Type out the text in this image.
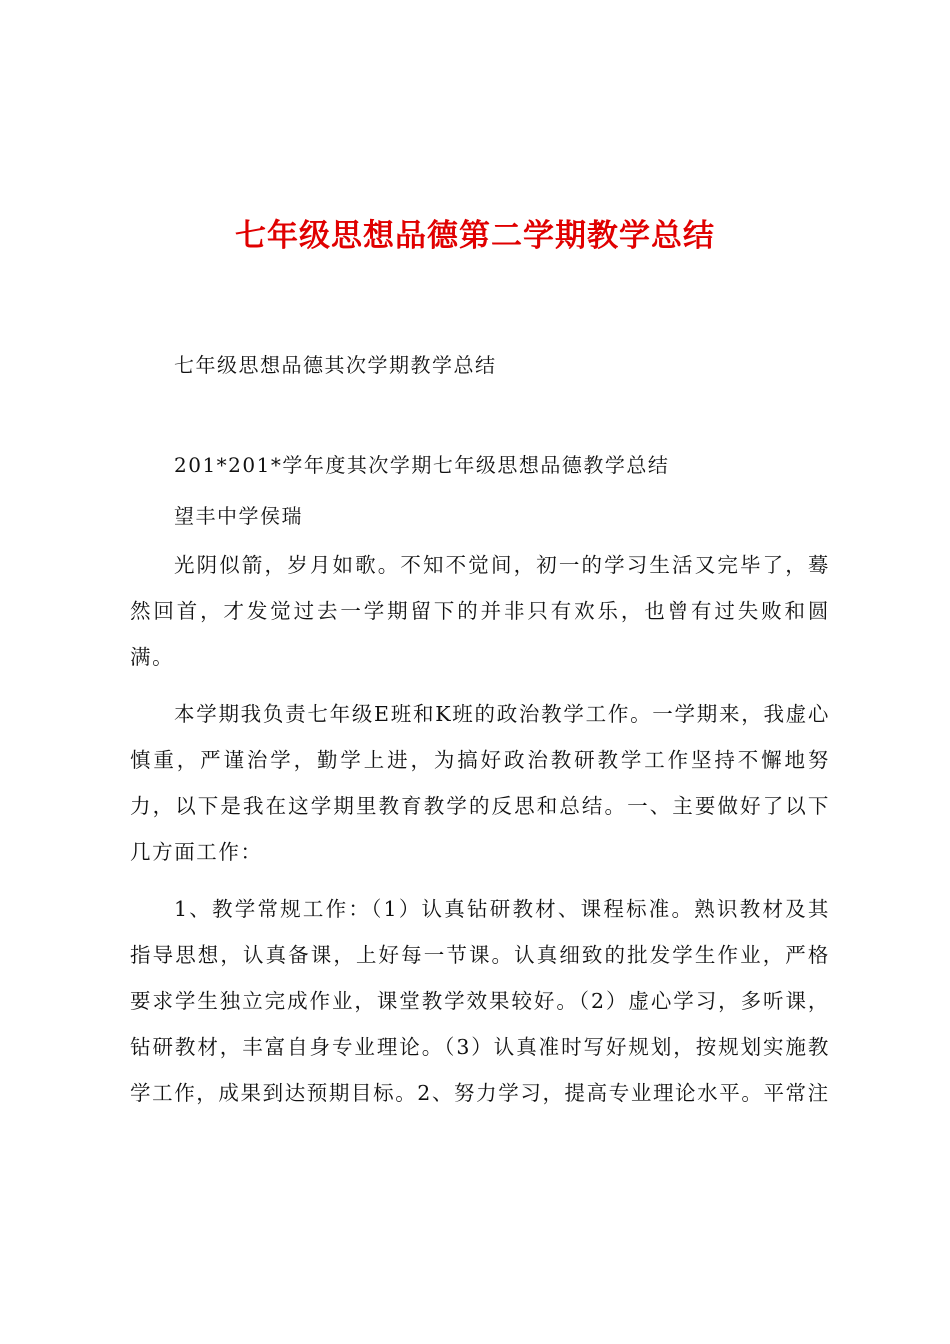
七年级思想品德第二学期教学总结

七年级思想品德其次学期教学总结

201*201*学年度其次学期七年级思想品德教学总结

望丰中学侯瑞

光阴似箭，岁月如歌。不知不觉间，初一的学习生活又完毕了，蓦然回首，才发觉过去一学期留下的并非只有欢乐，也曾有过失败和圆满。

本学期我负责七年级E班和K班的政治教学工作。一学期来，我虚心慎重，严谨治学，勤学上进，为搞好政治教研教学工作坚持不懈地努力，以下是我在这学期里教育教学的反思和总结。一、主要做好了以下几方面工作：

1、教学常规工作：（1）认真钻研教材、课程标准。熟识教材及其指导思想，认真备课，上好每一节课。认真细致的批发学生作业，严格要求学生独立完成作业，课堂教学效果较好。（2）虚心学习，多听课，钻研教材，丰富自身专业理论。（3）认真准时写好规划，按规划实施教学工作，成果到达预期目标。2、努力学习，提高专业理论水平。平常注
